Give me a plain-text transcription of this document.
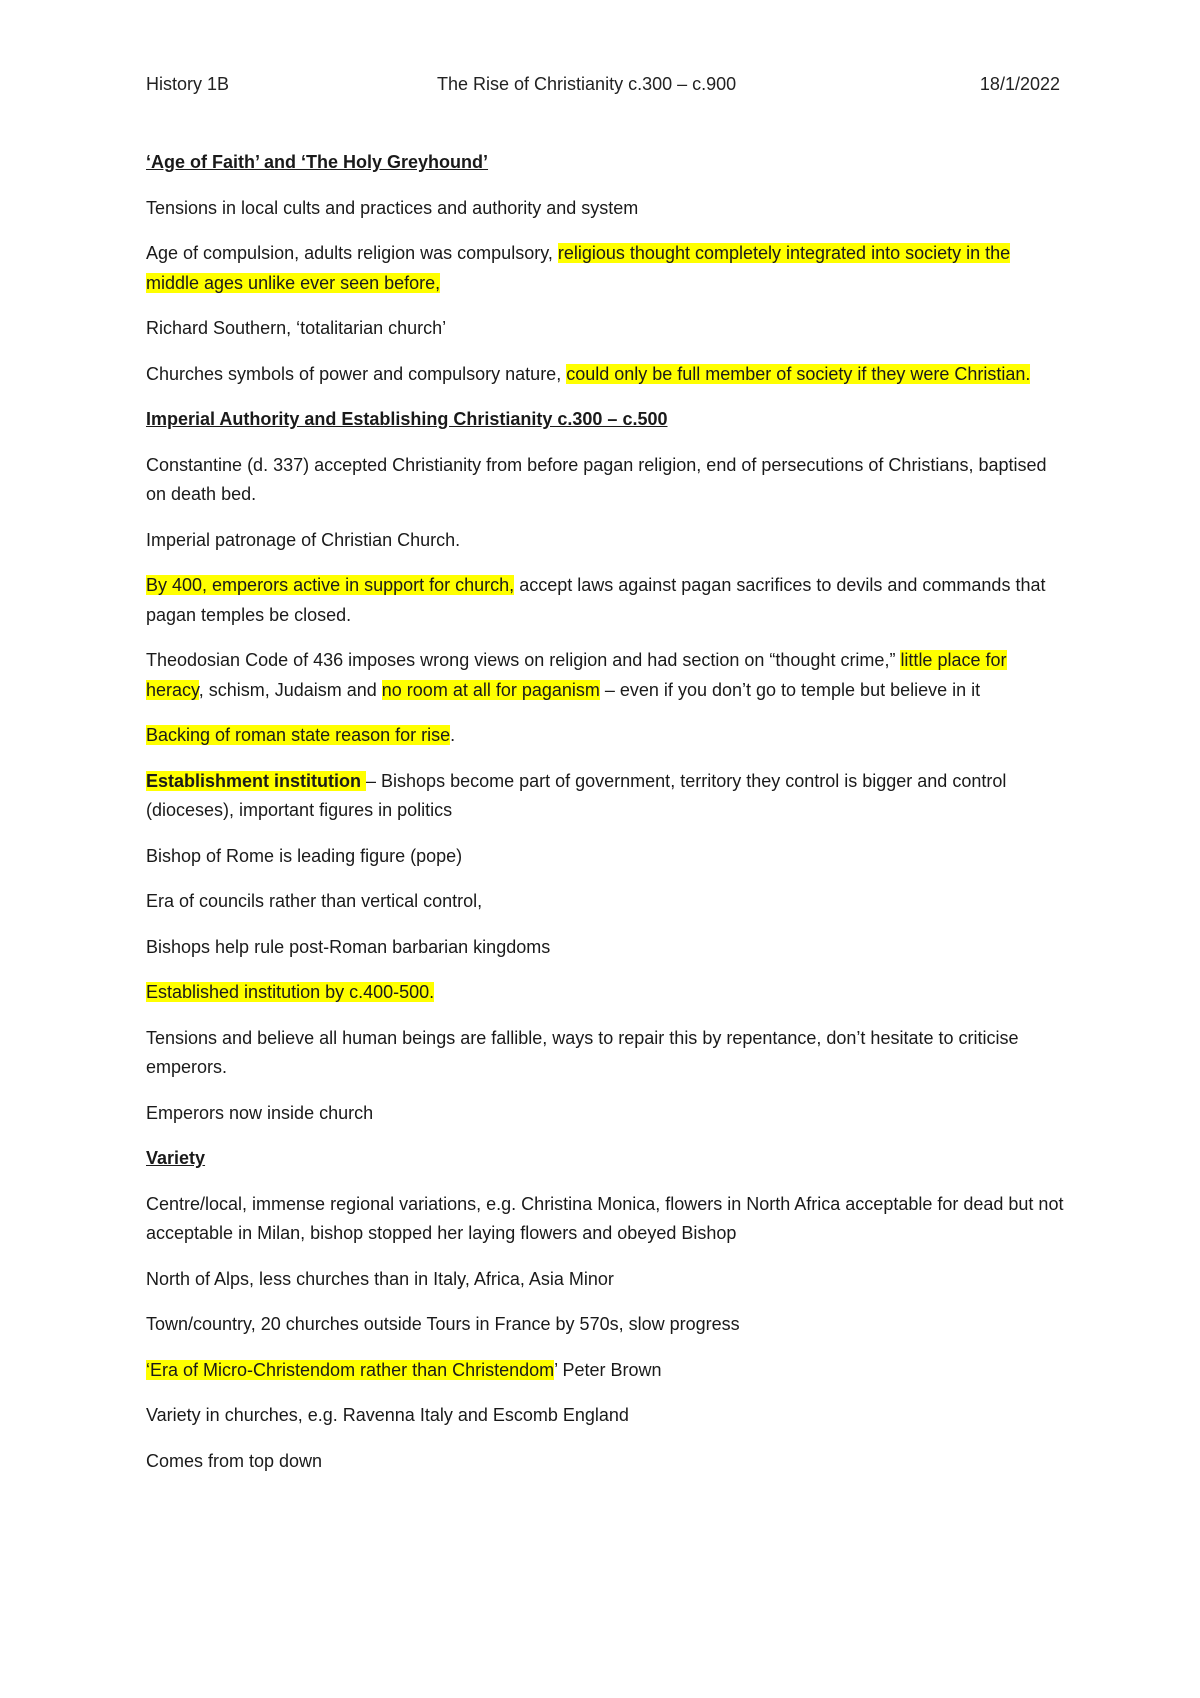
History 1B	The Rise of Christianity c.300 – c.900	18/1/2022

‘Age of Faith’ and ‘The Holy Greyhound’

Tensions in local cults and practices and authority and system

Age of compulsion, adults religion was compulsory, religious thought completely integrated into society in the middle ages unlike ever seen before,

Richard Southern, ‘totalitarian church’

Churches symbols of power and compulsory nature, could only be full member of society if they were Christian.

Imperial Authority and Establishing Christianity c.300 – c.500

Constantine (d. 337) accepted Christianity from before pagan religion, end of persecutions of Christians, baptised on death bed.

Imperial patronage of Christian Church.

By 400, emperors active in support for church, accept laws against pagan sacrifices to devils and commands that pagan temples be closed.

Theodosian Code of 436 imposes wrong views on religion and had section on “thought crime,” little place for heracy, schism, Judaism and no room at all for paganism – even if you don’t go to temple but believe in it

Backing of roman state reason for rise.

Establishment institution – Bishops become part of government, territory they control is bigger and control (dioceses), important figures in politics

Bishop of Rome is leading figure (pope)

Era of councils rather than vertical control,

Bishops help rule post-Roman barbarian kingdoms

Established institution by c.400-500.

Tensions and believe all human beings are fallible, ways to repair this by repentance, don’t hesitate to criticise emperors.

Emperors now inside church

Variety

Centre/local, immense regional variations, e.g. Christina Monica, flowers in North Africa acceptable for dead but not acceptable in Milan, bishop stopped her laying flowers and obeyed Bishop

North of Alps, less churches than in Italy, Africa, Asia Minor

Town/country, 20 churches outside Tours in France by 570s, slow progress

‘Era of Micro-Christendom rather than Christendom’ Peter Brown

Variety in churches, e.g. Ravenna Italy and Escomb England

Comes from top down
